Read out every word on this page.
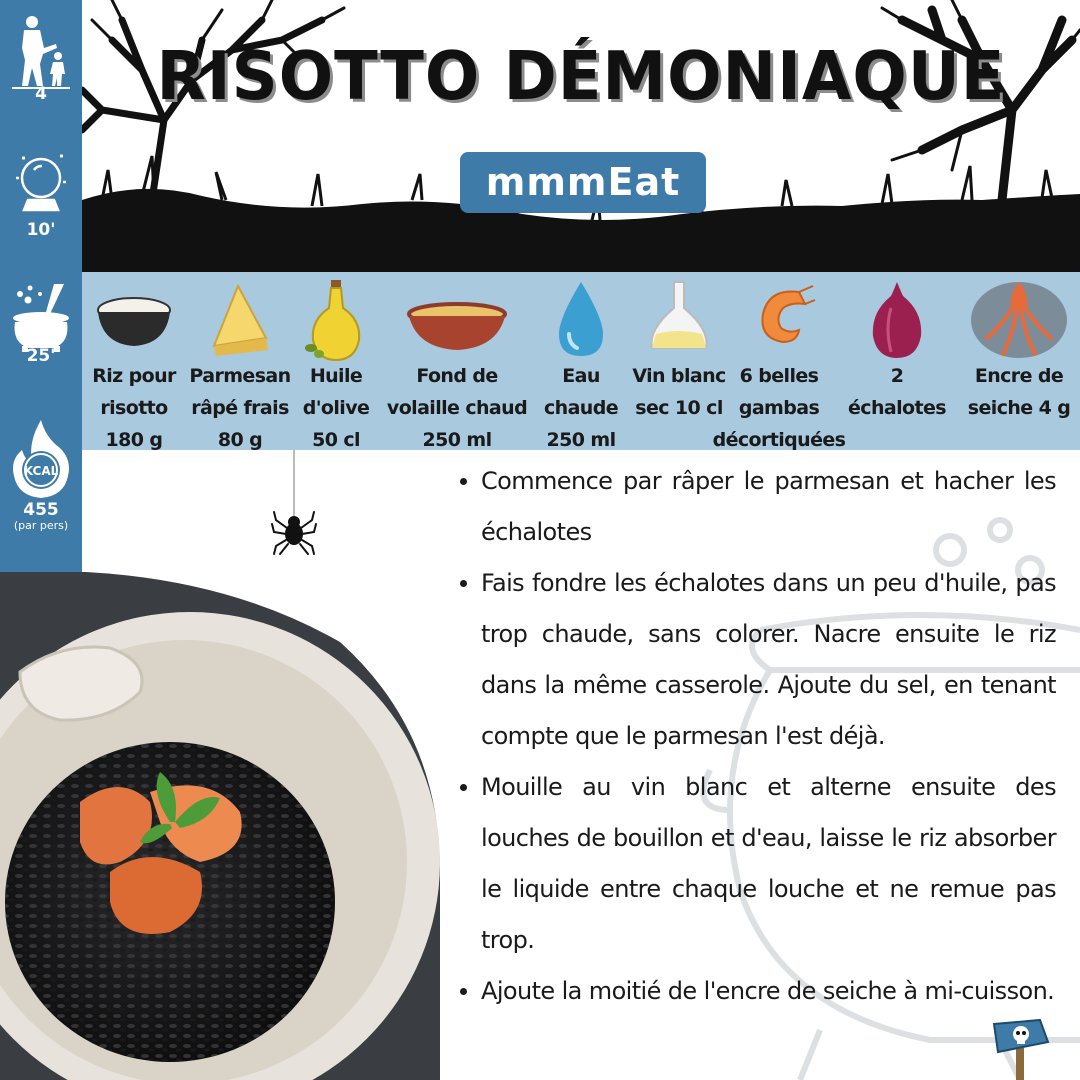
4
10'
25'
KCAL
455
(par pers)
RISOTTO DÉMONIAQUE
mmmEat
Riz pour
risotto
180 g
Parmesan
râpé frais
80 g
Huile
d'olive
50 cl
Fond de
volaille chaud
250 ml
Eau
chaude
250 ml
Vin blanc
sec 10 cl
6 belles
gambas
décortiquées
2
échalotes
Encre de
seiche 4 g
Commence par râper le parmesan et hacher les échalotes
Fais fondre les échalotes dans un peu d'huile, pas trop chaude, sans colorer. Nacre ensuite le riz dans la même casserole. Ajoute du sel, en tenant compte que le parmesan l'est déjà.
Mouille au vin blanc et alterne ensuite des louches de bouillon et d'eau, laisse le riz absorber le liquide entre chaque louche et ne remue pas trop.
Ajoute la moitié de l'encre de seiche à mi-cuisson.
